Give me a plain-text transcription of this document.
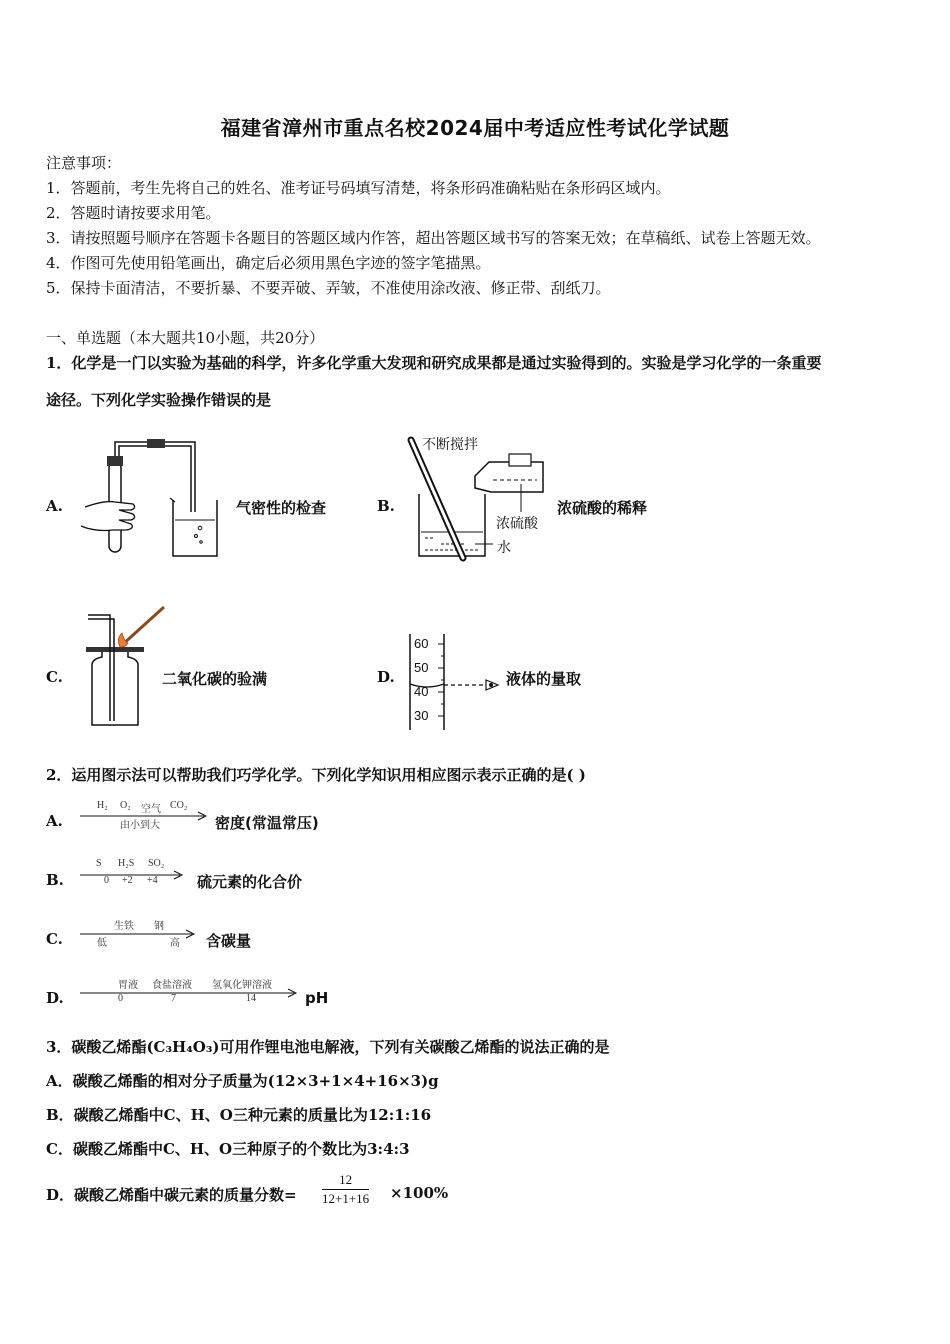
福建省漳州市重点名校2024届中考适应性考试化学试题
注意事项：
1．答题前，考生先将自己的姓名、准考证号码填写清楚，将条形码准确粘贴在条形码区域内。
2．答题时请按要求用笔。
3．请按照题号顺序在答题卡各题目的答题区域内作答，超出答题区域书写的答案无效；在草稿纸、试卷上答题无效。
4．作图可先使用铅笔画出，确定后必须用黑色字迹的签字笔描黑。
5．保持卡面清洁，不要折暴、不要弄破、弄皱，不准使用涂改液、修正带、刮纸刀。
一、单选题（本大题共10小题，共20分）
1．化学是一门以实验为基础的科学，许多化学重大发现和研究成果都是通过实验得到的。实验是学习化学的一条重要
途径。下列化学实验操作错误的是
A.	气密性的检查	B.
不断搅拌
浓硫酸
水
浓硫酸的稀释
C.	二氧化碳的验满	D.
60
50
40
30
液体的量取
2．运用图示法可以帮助我们巧学化学。下列化学知识用相应图示表示正确的是( )
A.
H₂ O₂ 空气 CO₂
由小到大	密度(常温常压)
B.
S H₂S SO₂
0 +2 +4	硫元素的化合价
C.
生铁 钢
低	高 含碳量
D.
胃液 食盐溶液 氢氧化钾溶液
0	7	14	pH
3．碳酸乙烯酯(C₃H₄O₃)可用作锂电池电解液，下列有关碳酸乙烯酯的说法正确的是
A．碳酸乙烯酯的相对分子质量为(12×3+1×4+16×3)g
B．碳酸乙烯酯中C、H、O三种元素的质量比为12:1:16
C．碳酸乙烯酯中C、H、O三种原子的个数比为3:4:3
D．碳酸乙烯酯中碳元素的质量分数= $\frac{12}{12+1+16} \times 100\%$
